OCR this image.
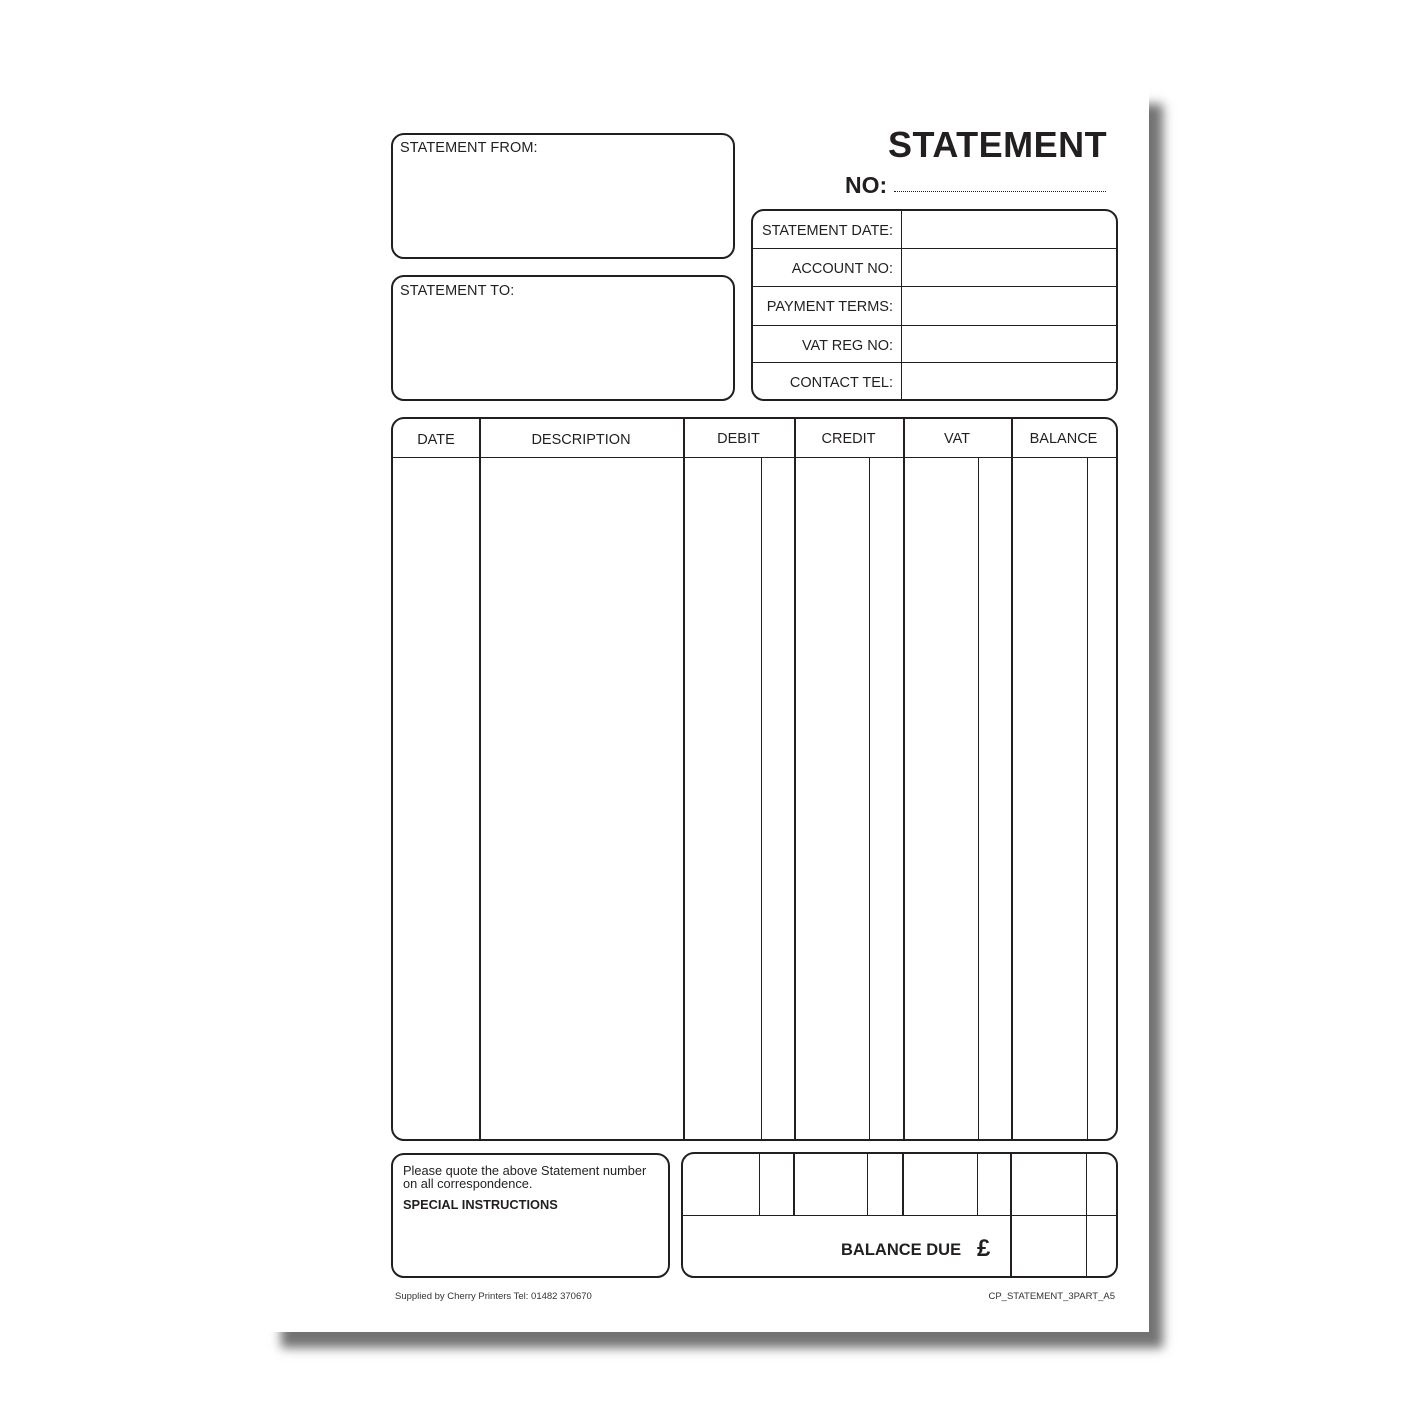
STATEMENT
NO:
STATEMENT FROM:
STATEMENT TO:
STATEMENT DATE:
ACCOUNT NO:
PAYMENT TERMS:
VAT REG NO:
CONTACT TEL:
DATE	DESCRIPTION	DEBIT	CREDIT	VAT	BALANCE
Please quote the above Statement number
on all correspondence.
SPECIAL INSTRUCTIONS
BALANCE DUE £
Supplied by Cherry Printers Tel: 01482 370670	CP_STATEMENT_3PART_A5
